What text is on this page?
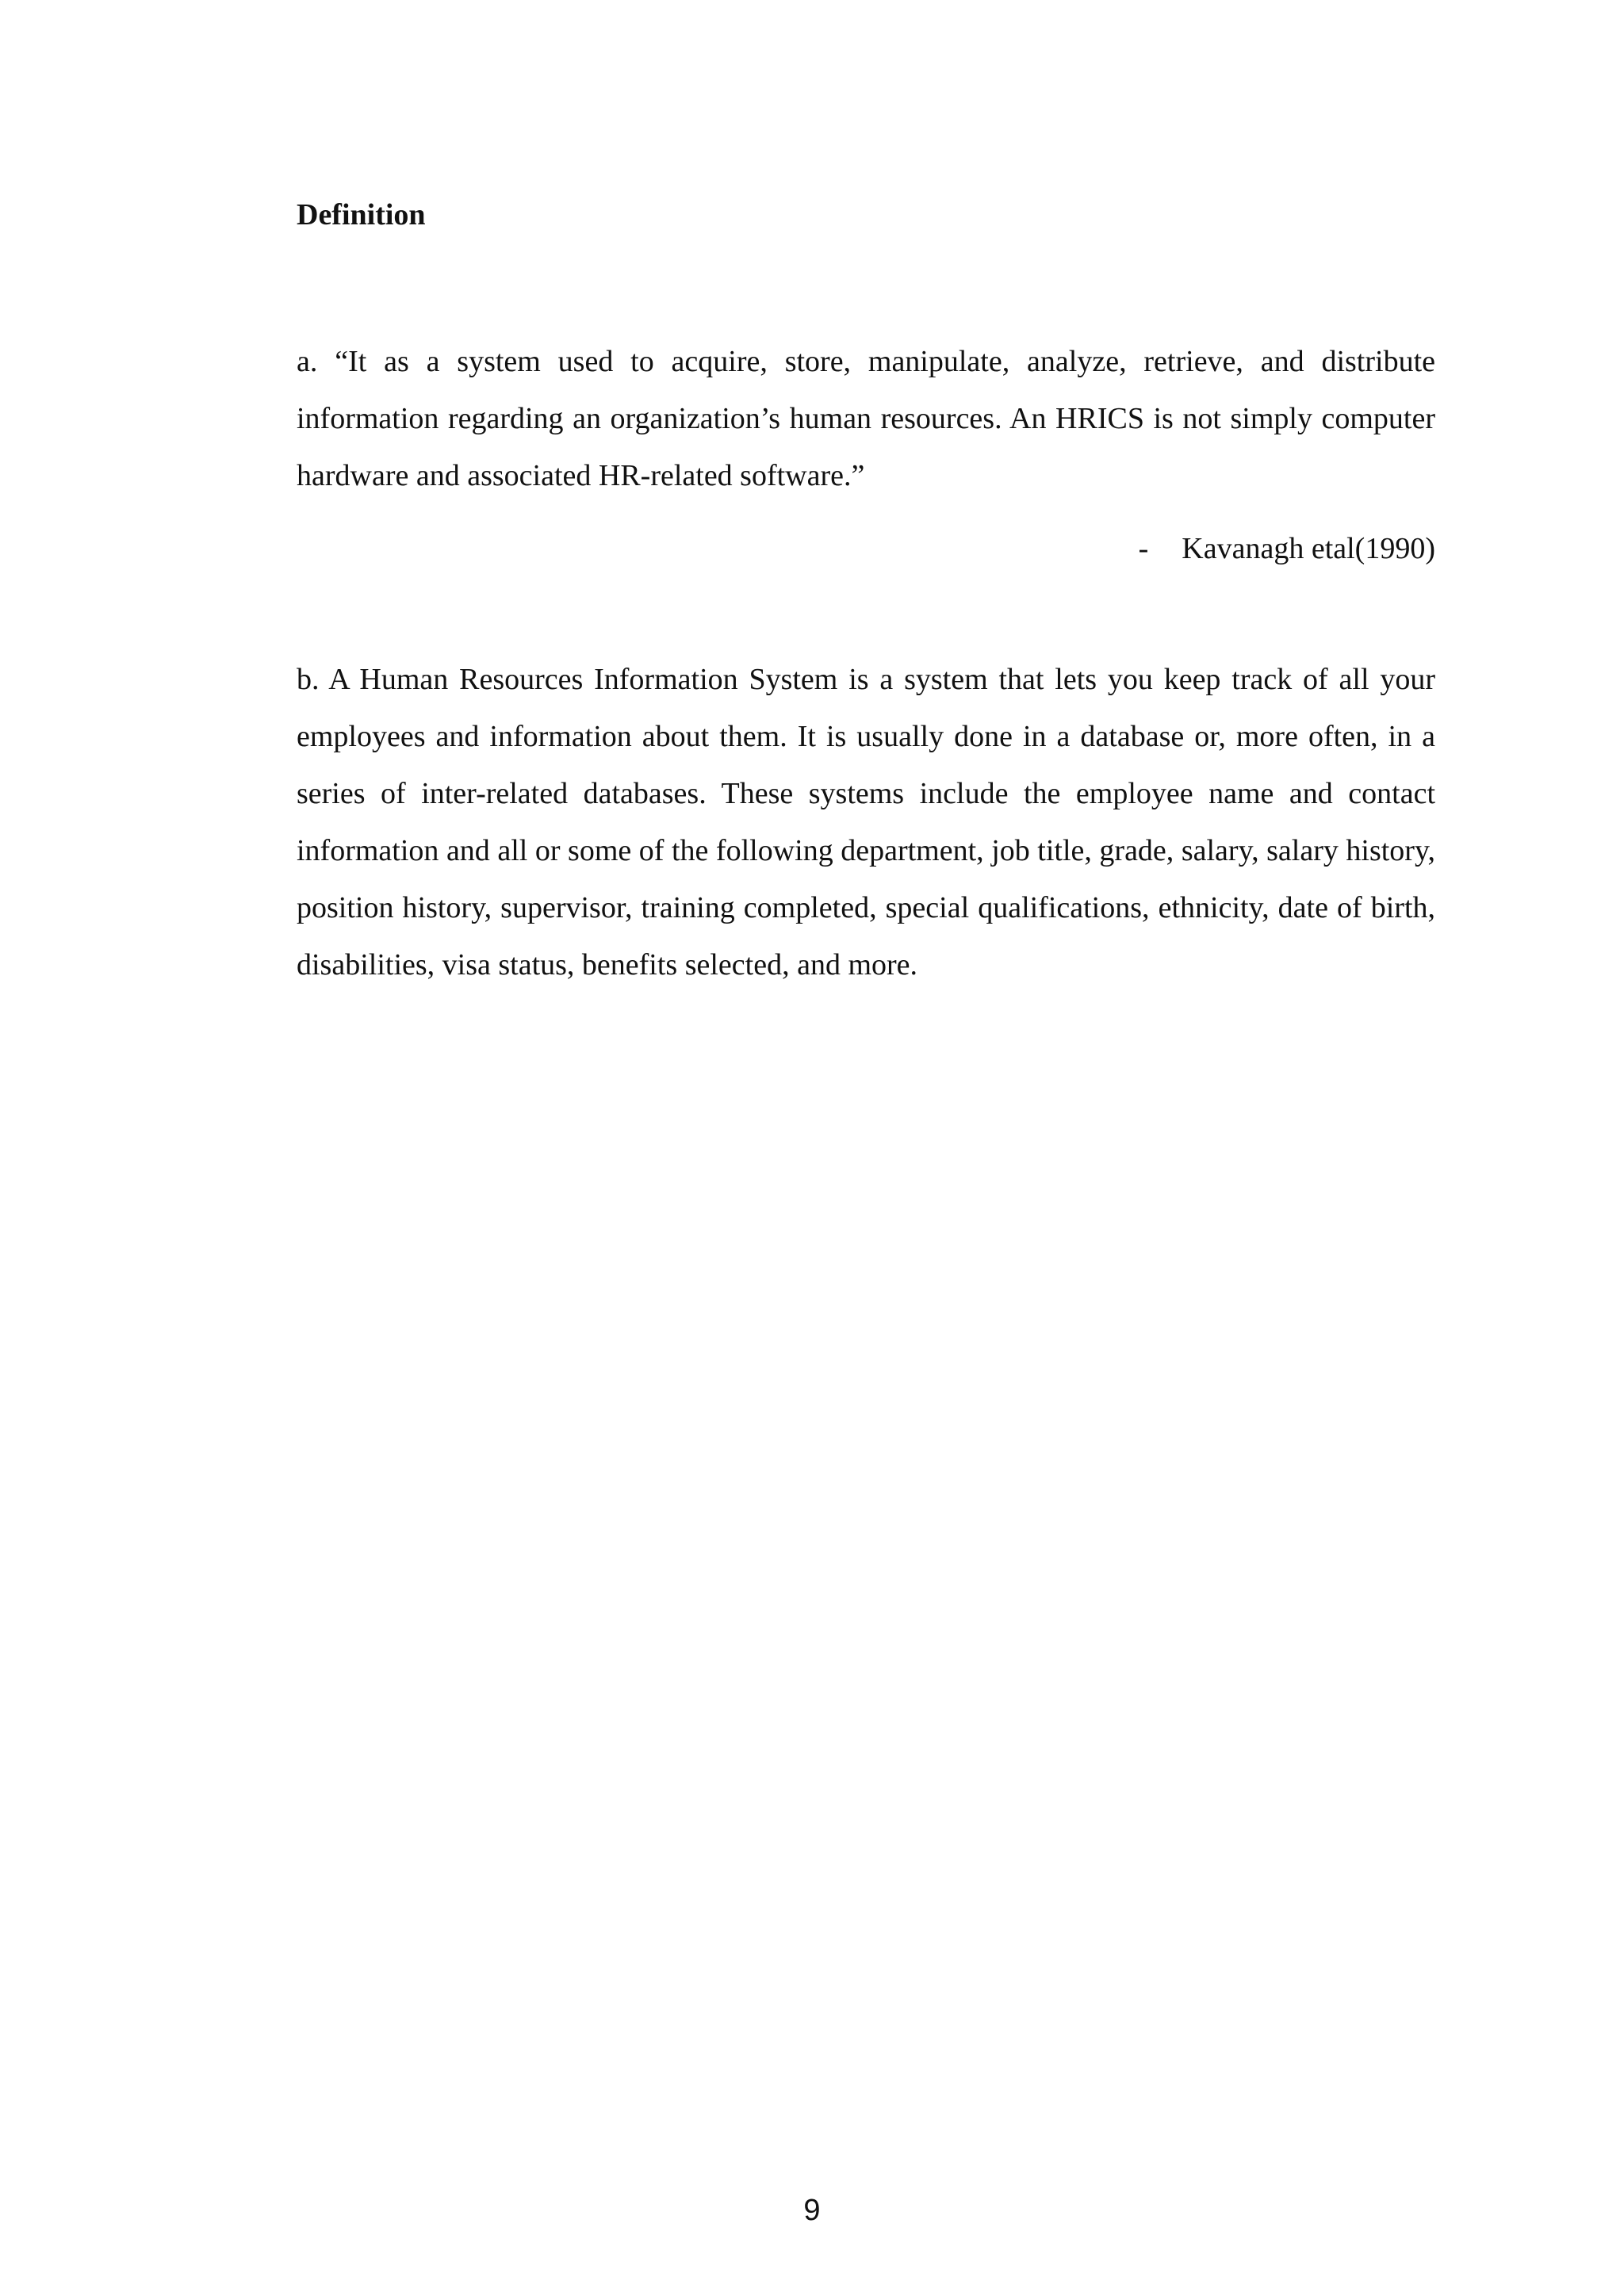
Definition

a. “It as a system used to acquire, store, manipulate, analyze, retrieve, and distribute information regarding an organization’s human resources. An HRICS is not simply computer hardware and associated HR-related software.”

- Kavanagh etal(1990)

b. A Human Resources Information System is a system that lets you keep track of all your employees and information about them. It is usually done in a database or, more often, in a series of inter-related databases. These systems include the employee name and contact information and all or some of the following department, job title, grade, salary, salary history, position history, supervisor, training completed, special qualifications, ethnicity, date of birth, disabilities, visa status, benefits selected, and more.

9
